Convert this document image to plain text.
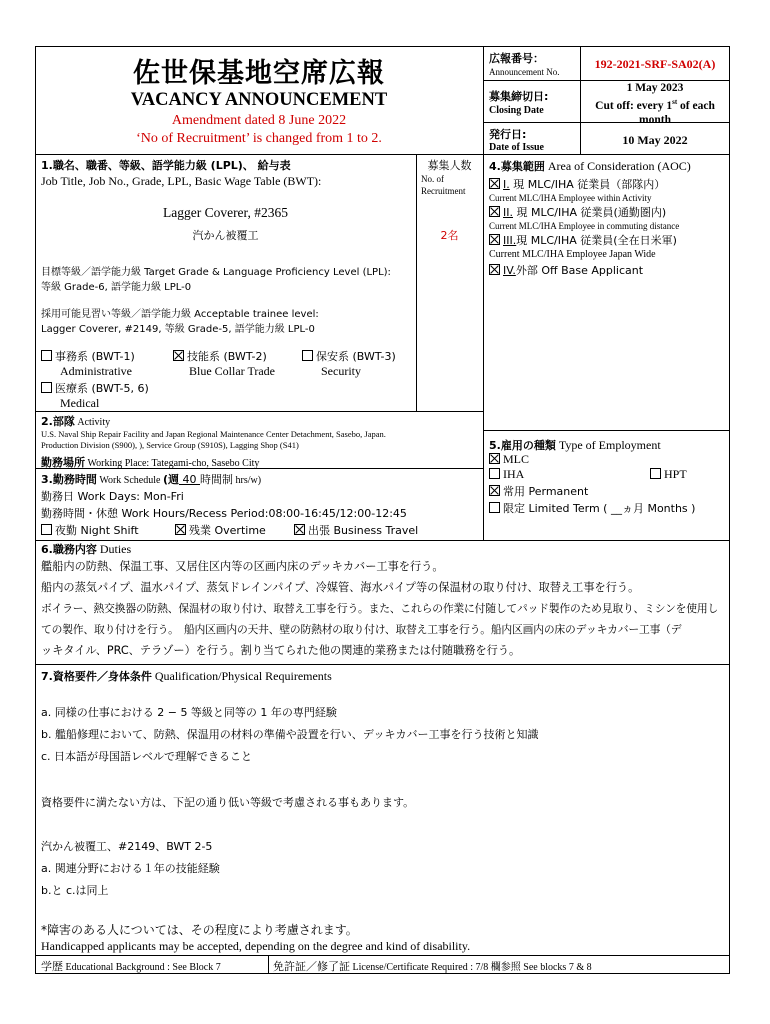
佐世保基地空席広報
VACANCY ANNOUNCEMENT
Amendment dated 8 June 2022
‘No of Recruitment’ is changed from 1 to 2.
広報番号：
Announcement No.
192-2021-SRF-SA02(A)
募集締切日:
Closing Date
1 May 2023
Cut off: every 1st of each
month
発行日:
Date of Issue
10 May 2022
1.職名、職番、等級、語学能力級 (LPL)、 給与表
Job Title, Job No., Grade, LPL, Basic Wage Table (BWT):
Lagger Coverer, #2365
汽かん被覆工
目標等級／語学能力級 Target Grade & Language Proficiency Level (LPL):
等級 Grade-6, 語学能力級 LPL-0
採用可能見習い等級／語学能力級 Acceptable trainee level:
Lagger Coverer, #2149, 等級 Grade-5, 語学能力級 LPL-0
事務系 (BWT-1)
Administrative
技能系 (BWT-2)
Blue Collar Trade
保安系 (BWT-3)
Security
医療系 (BWT-5, 6)
Medical
募集人数
No. of
Recruitment
2名
4.募集範囲 Area of Consideration (AOC)
I. 現 MLC/IHA 従業員（部隊内）
Current MLC/IHA Employee within Activity
II. 現 MLC/IHA 従業員(通勤圏内)
Current MLC/IHA Employee in commuting distance
III.現 MLC/IHA 従業員(全在日米軍)
Current MLC/IHA Employee Japan Wide
IV.外部 Off Base Applicant
2.部隊 Activity
U.S. Naval Ship Repair Facility and Japan Regional Maintenance Center Detachment, Sasebo, Japan.
Production Division (S900), ), Service Group (S910S), Lagging Shop (S41)
勤務場所 Working Place: Tategami-cho, Sasebo City
3.勤務時間 Work Schedule (週 40 時間制 hrs/w)
勤務日 Work Days: Mon-Fri
勤務時間・休憩 Work Hours/Recess Period:08:00-16:45/12:00-12:45
夜勤 Night Shift	残業 Overtime	出張 Business Travel
5.雇用の種類 Type of Employment
MLC
IHA	HPT
常用 Permanent
限定 Limited Term ( __ヵ月 Months )
6.職務内容 Duties
艦船内の防熱、保温工事、又居住区内等の区画内床のデッキカバー工事を行う。
船内の蒸気パイプ、温水パイプ、蒸気ドレインパイプ、冷媒管、海水パイプ等の保温材の取り付け、取替え工事を行う。
ボイラー、熱交換器の防熱、保温材の取り付け、取替え工事を行う。また、これらの作業に付随してパッド製作のため見取り、ミシンを使用し
ての製作、取り付けを行う。　船内区画内の天井、壁の防熱材の取り付け、取替え工事を行う。船内区画内の床のデッキカバー工事（デ
ッキタイル、PRC、テラゾー）を行う。割り当てられた他の関連的業務または付随職務を行う。
7.資格要件／身体条件 Qualification/Physical Requirements
a. 同様の仕事における 2 − 5 等級と同等の 1 年の専門経験
b. 艦船修理において、防熱、保温用の材料の準備や設置を行い、デッキカバー工事を行う技術と知識
c. 日本語が母国語レベルで理解できること
資格要件に満たない方は、下記の通り低い等級で考慮される事もあります。
汽かん被覆工、#2149、BWT 2-5
a. 関連分野における１年の技能経験
b.と c.は同上
*障害のある人については、その程度により考慮されます。
Handicapped applicants may be accepted, depending on the degree and kind of disability.
学歴 Educational Background : See Block 7	免許証／修了証 License/Certificate Required : 7/8 欄参照 See blocks 7 & 8
